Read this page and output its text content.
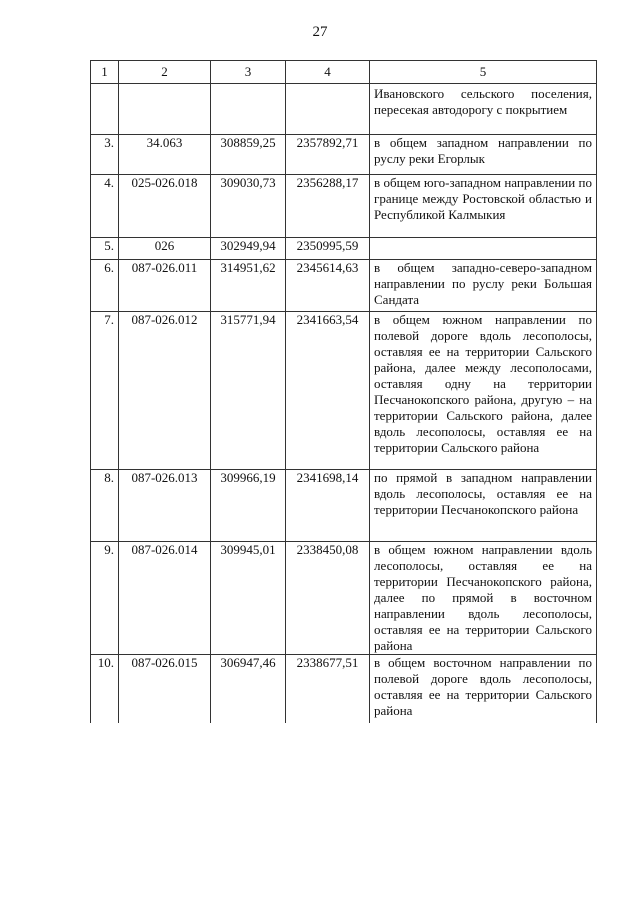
27
1	2	3	4	5
				Ивановского сельского поселения, пересекая автодорогу с покрытием
3.	34.063	308859,25	2357892,71	в общем западном направлении по руслу реки Егорлык
4.	025-026.018	309030,73	2356288,17	в общем юго-западном направлении по границе между Ростовской областью и Республикой Калмыкия
5.	026	302949,94	2350995,59	
6.	087-026.011	314951,62	2345614,63	в общем западно-северо-западном направлении по руслу реки Большая Сандата
7.	087-026.012	315771,94	2341663,54	в общем южном направлении по полевой дороге вдоль лесополосы, оставляя ее на территории Сальского района, далее между лесополосами, оставляя одну на территории Песчанокопского района, другую – на территории Сальского района, далее вдоль лесополосы, оставляя ее на территории Сальского района
8.	087-026.013	309966,19	2341698,14	по прямой в западном направлении вдоль лесополосы, оставляя ее на территории Песчанокопского района
9.	087-026.014	309945,01	2338450,08	в общем южном направлении вдоль лесополосы, оставляя ее на территории Песчанокопского района, далее по прямой в восточном направлении вдоль лесополосы, оставляя ее на территории Сальского района
10.	087-026.015	306947,46	2338677,51	в общем восточном направлении по полевой дороге вдоль лесополосы, оставляя ее на территории Сальского района
